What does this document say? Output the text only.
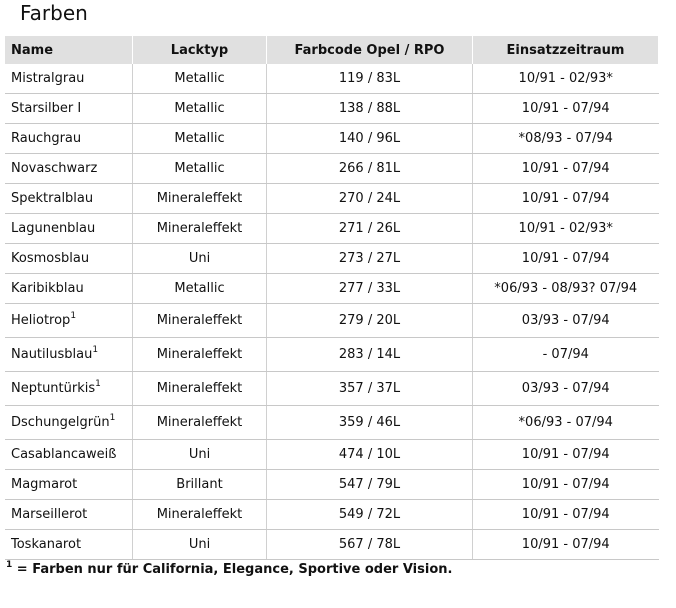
Farben
Name	Lacktyp	Farbcode Opel / RPO	Einsatzzeitraum
Mistralgrau	Metallic	119 / 83L	10/91 - 02/93*
Starsilber I	Metallic	138 / 88L	10/91 - 07/94
Rauchgrau	Metallic	140 / 96L	*08/93 - 07/94
Novaschwarz	Metallic	266 / 81L	10/91 - 07/94
Spektralblau	Mineraleffekt	270 / 24L	10/91 - 07/94
Lagunenblau	Mineraleffekt	271 / 26L	10/91 - 02/93*
Kosmosblau	Uni	273 / 27L	10/91 - 07/94
Karibikblau	Metallic	277 / 33L	*06/93 - 08/93? 07/94
Heliotrop$^1$	Mineraleffekt	279 / 20L	03/93 - 07/94
Nautilusblau$^1$	Mineraleffekt	283 / 14L	- 07/94
Neptuntürkis$^1$	Mineraleffekt	357 / 37L	03/93 - 07/94
Dschungelgrün$^1$	Mineraleffekt	359 / 46L	*06/93 - 07/94
Casablancaweiß	Uni	474 / 10L	10/91 - 07/94
Magmarot	Brillant	547 / 79L	10/91 - 07/94
Marseillerot	Mineraleffekt	549 / 72L	10/91 - 07/94
Toskanarot	Uni	567 / 78L	10/91 - 07/94
$^1$ = Farben nur für California, Elegance, Sportive oder Vision.
